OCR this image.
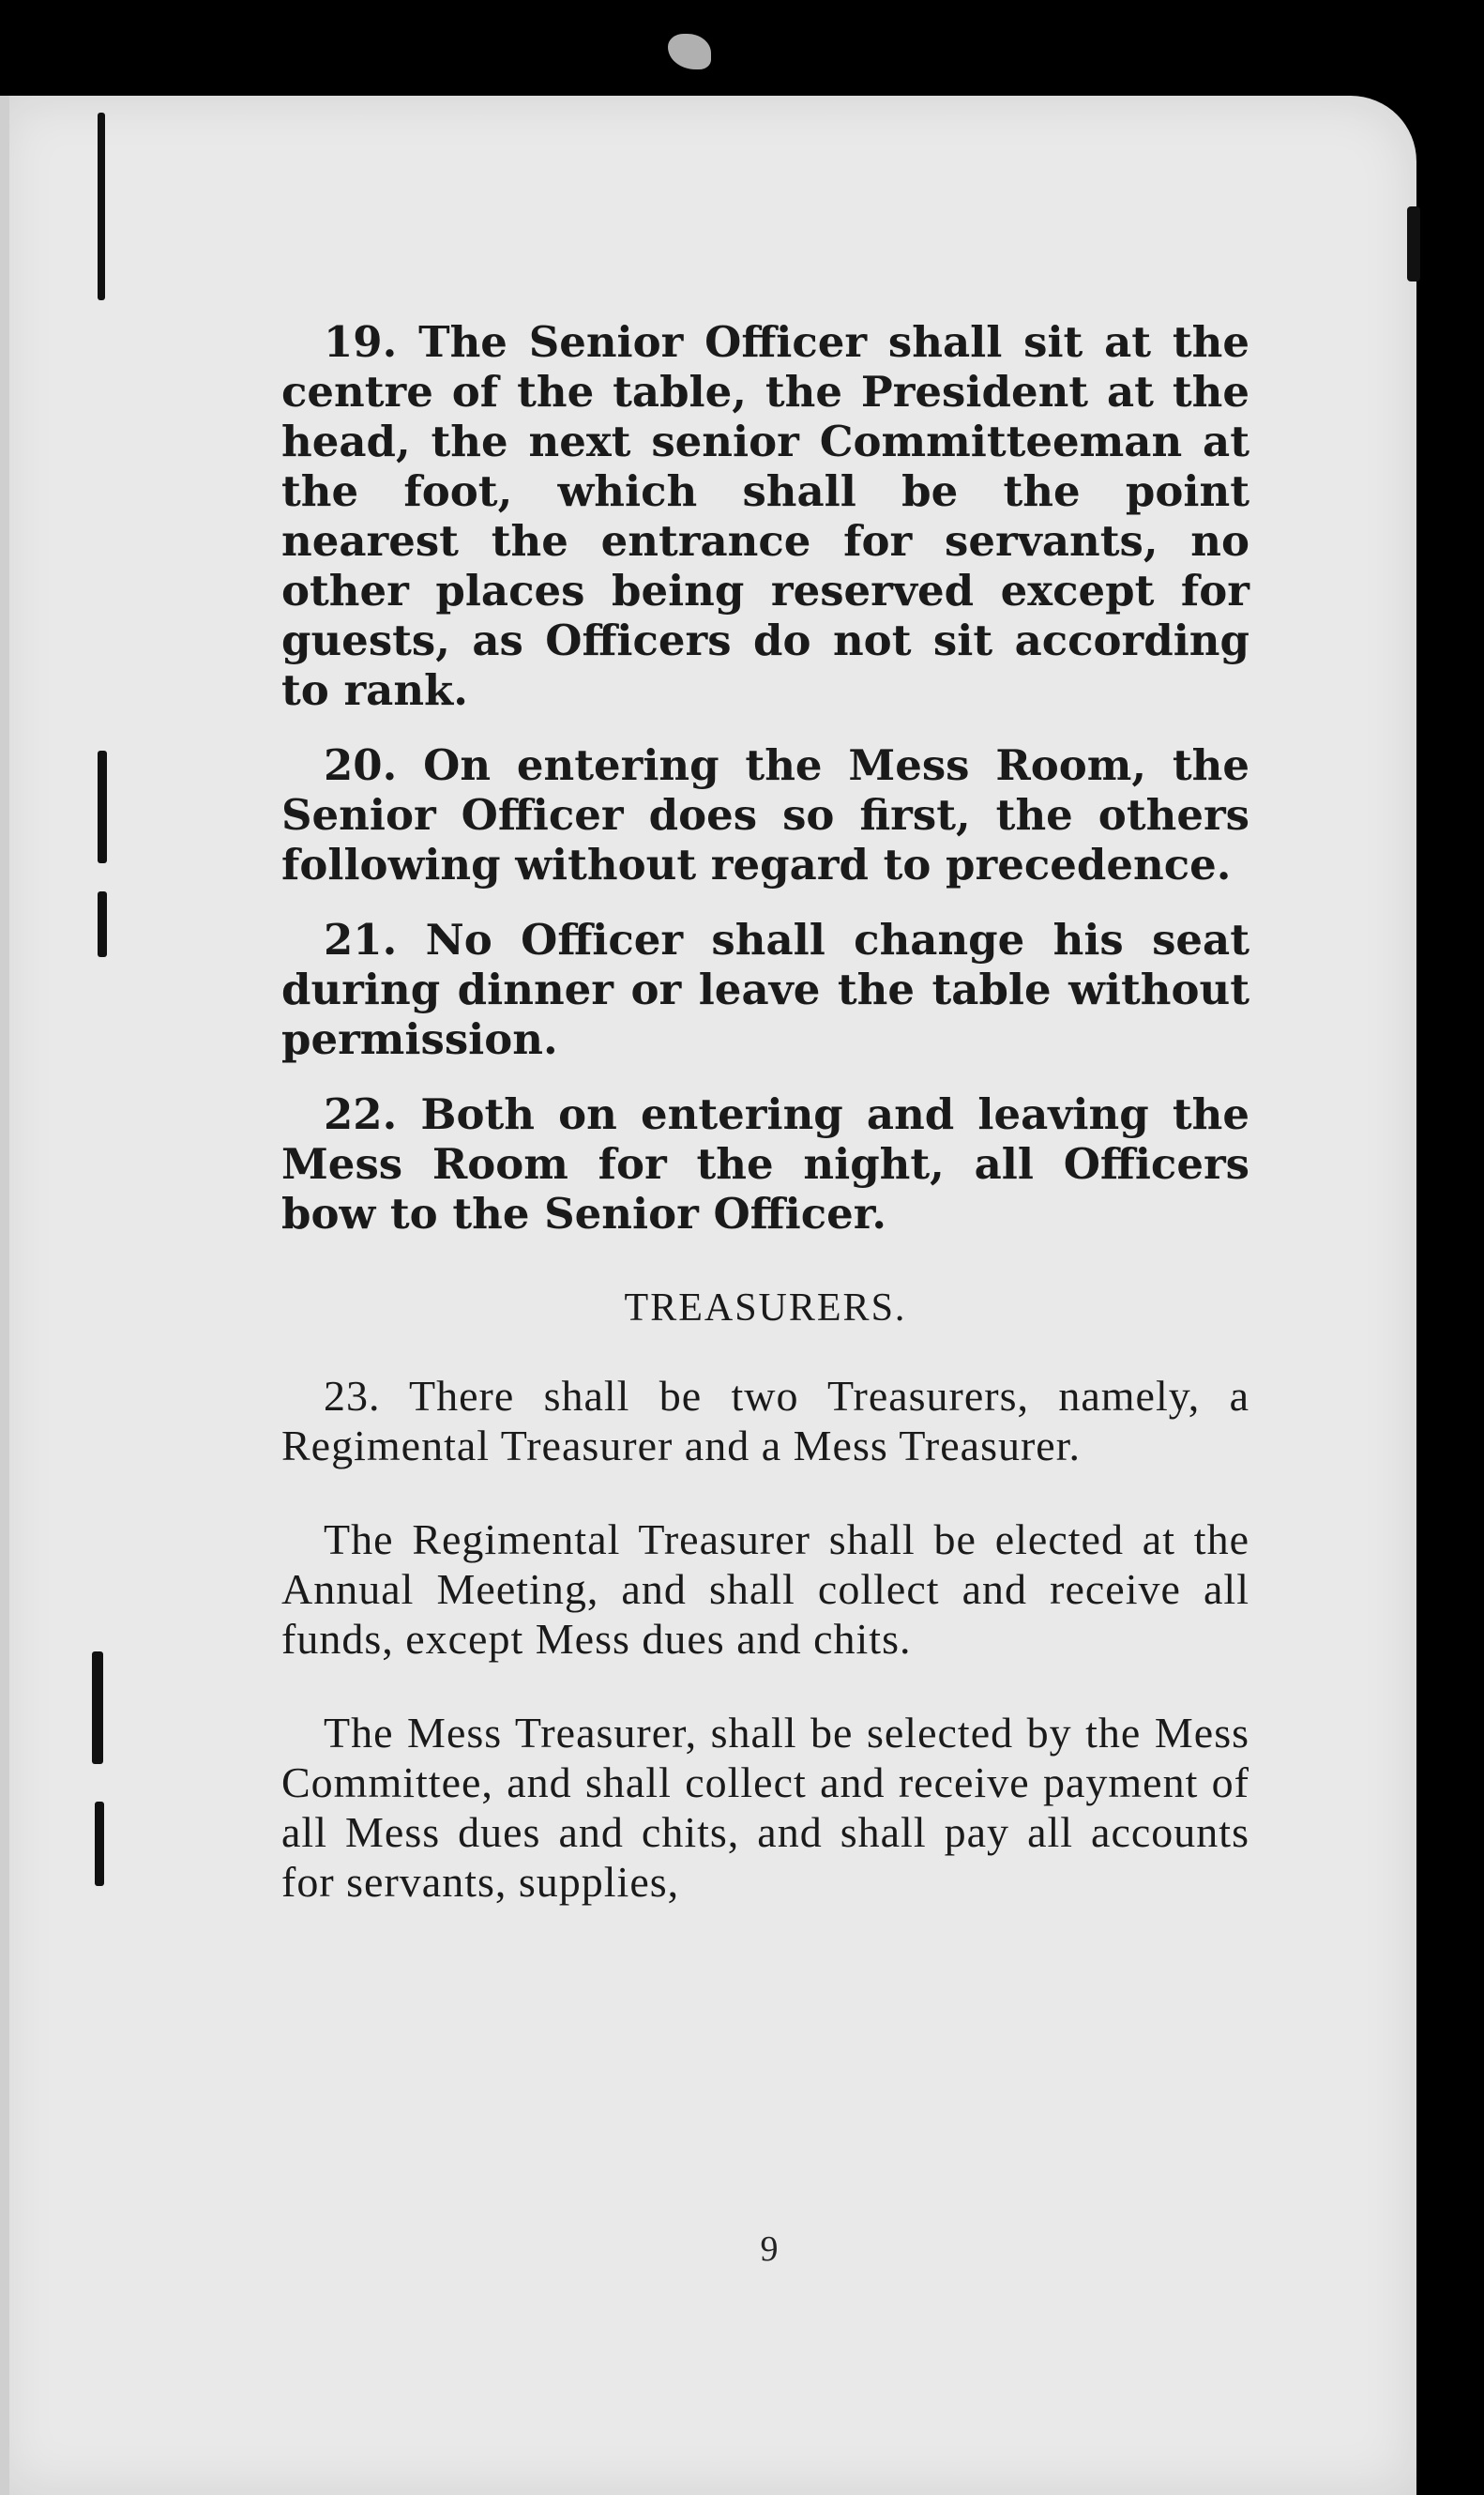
19. The Senior Officer shall sit at the centre of the table, the President at the head, the next senior Committeeman at the foot, which shall be the point nearest the entrance for servants, no other places being reserved except for guests, as Officers do not sit according to rank.

20. On entering the Mess Room, the Senior Officer does so first, the others following without regard to precedence.

21. No Officer shall change his seat during dinner or leave the table without permission.

22. Both on entering and leaving the Mess Room for the night, all Officers bow to the Senior Officer.

TREASURERS.

23. There shall be two Treasurers, namely, a Regimental Treasurer and a Mess Treasurer.

The Regimental Treasurer shall be elected at the Annual Meeting, and shall collect and receive all funds, except Mess dues and chits.

The Mess Treasurer, shall be selected by the Mess Committee, and shall collect and receive payment of all Mess dues and chits, and shall pay all accounts for servants, supplies,

9
